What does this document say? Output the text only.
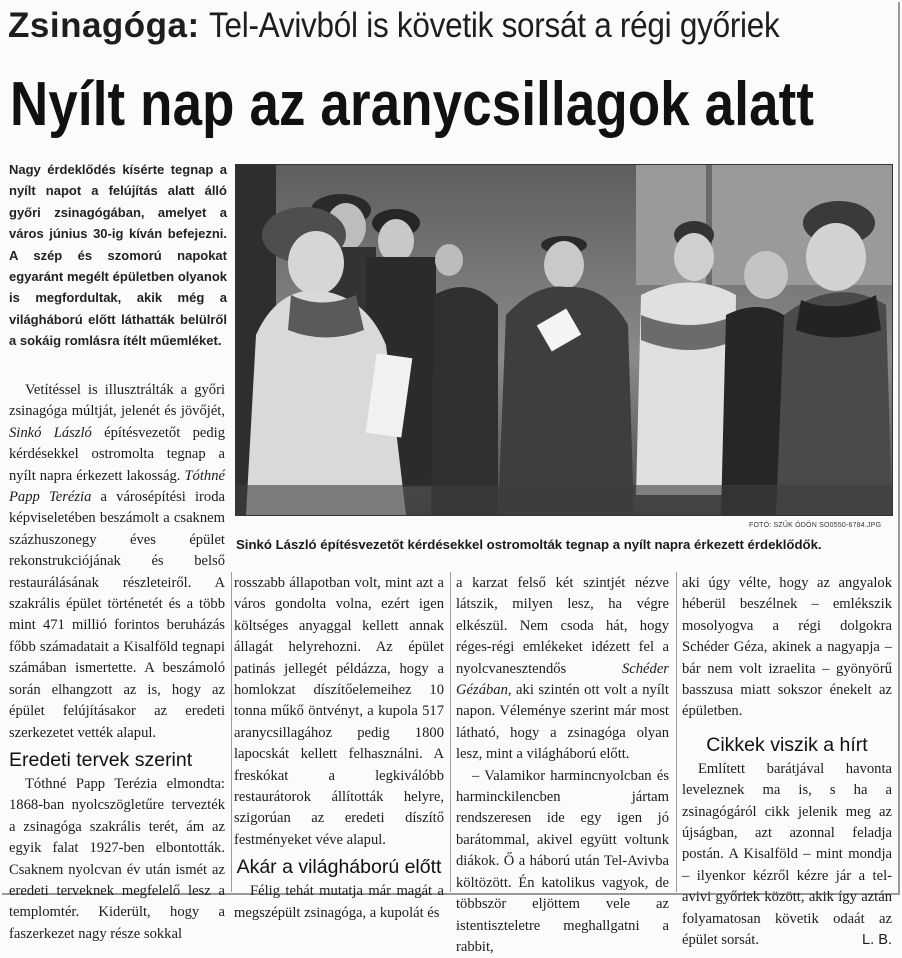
Zsinagóga: Tel-Avivból is követik sorsát a régi győriek
Nyílt nap az aranycsillagok alatt
Nagy érdeklődés kísérte tegnap a nyílt napot a felújítás alatt álló győri zsinagógában, amelyet a város június 30-ig kíván befejezni. A szép és szomorú napokat egyaránt megélt épületben olyanok is megfordultak, akik még a világháború előtt láthatták belülről a sokáig romlásra ítélt műemléket.
FOTÓ: SZŰK ÖDÖN SO0550-6784.JPG
Sinkó László építésvezetőt kérdésekkel ostromolták tegnap a nyílt napra érkezett érdeklődők.

Vetítéssel is illusztrálták a győri zsinagóga múltját, jelenét és jövőjét, Sinkó László építésvezetőt pedig kérdésekkel ostromolta tegnap a nyílt napra érkezett lakosság. Tóthné Papp Terézia a városépítési iroda képviseletében beszámolt a csaknem százhuszonegy éves épület rekonstrukciójának és belső restaurálásának részleteiről. A szakrális épület történetét és a több mint 471 millió forintos beruházás főbb számadatait a Kisalföld tegnapi számában ismertette. A beszámoló során elhangzott az is, hogy az épület felújításakor az eredeti szerkezetet vették alapul.

Eredeti tervek szerint

Tóthné Papp Terézia elmondta: 1868-ban nyolcszögletűre tervezték a zsinagóga szakrális terét, ám az egyik falat 1927-ben elbontották. Csaknem nyolcvan év után ismét az eredeti terveknek megfelelő lesz a templomtér. Kiderült, hogy a faszerkezet nagy része sokkal

rosszabb állapotban volt, mint azt a város gondolta volna, ezért igen költséges anyaggal kellett annak állagát helyrehozni. Az épület patinás jellegét példázza, hogy a homlokzat díszítőelemeihez 10 tonna műkő öntvényt, a kupola 517 aranycsillagához pedig 1800 lapocskát kellett felhasználni. A freskókat a legkiválóbb restaurátorok állították helyre, szigorúan az eredeti díszítő festményeket véve alapul.

Akár a világháború előtt

Félig tehát mutatja már magát a megszépült zsinagóga, a kupolát és

a karzat felső két szintjét nézve látszik, milyen lesz, ha végre elkészül. Nem csoda hát, hogy réges-régi emlékeket idézett fel a nyolcvanesztendős	Schéder Gézában, aki szintén ott volt a nyílt napon. Véleménye szerint már most látható, hogy a zsinagóga olyan lesz, mint a világháború előtt.

– Valamikor harmincnyolcban és harminckilencben jártam rendszeresen ide egy igen jó barátommal, akivel együtt voltunk diákok. Ő a háború után Tel-Avivba költözött. Én katolikus vagyok, de többször eljöttem vele az istentiszteletre meghallgatni a rabbit,

aki úgy vélte, hogy az angyalok héberül beszélnek – emlékszik mosolyogva a régi dolgokra Schéder Géza, akinek a nagyapja – bár nem volt izraelita – gyönyörű basszusa miatt sokszor énekelt az épületben.

Cikkek viszik a hírt

Említett barátjával havonta leveleznek ma is, s ha a zsinagógáról cikk jelenik meg az újságban, azt azonnal feladja postán. A Kisalföld – mint mondja – ilyenkor kézről kézre jár a tel-avivi győriek között, akik így aztán folyamatosan követik odaát az épület sorsát.	L. B.
